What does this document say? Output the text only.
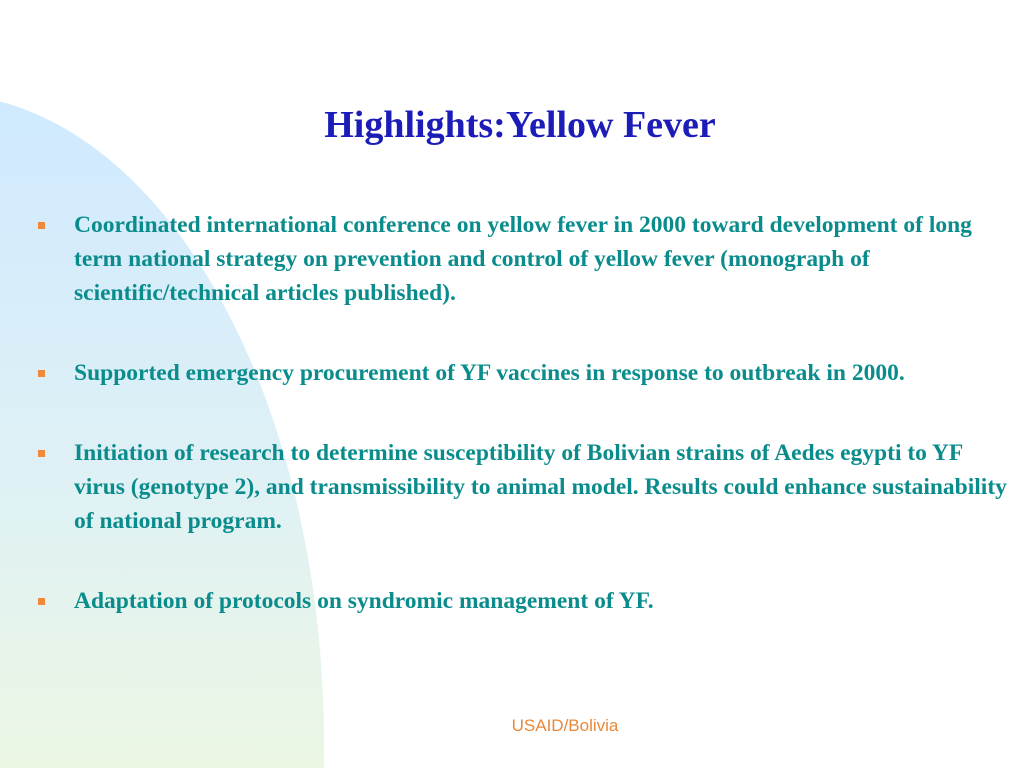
Highlights:Yellow Fever
Coordinated international conference on yellow fever in 2000 toward development of long term national strategy on prevention and control of yellow fever (monograph of scientific/technical articles published).
Supported emergency procurement of YF vaccines in response to outbreak in 2000.
Initiation of research to determine susceptibility of Bolivian strains of Aedes egypti to YF virus (genotype 2), and transmissibility to animal model. Results could enhance sustainability of national program.
Adaptation of protocols on syndromic management of YF.
USAID/Bolivia
